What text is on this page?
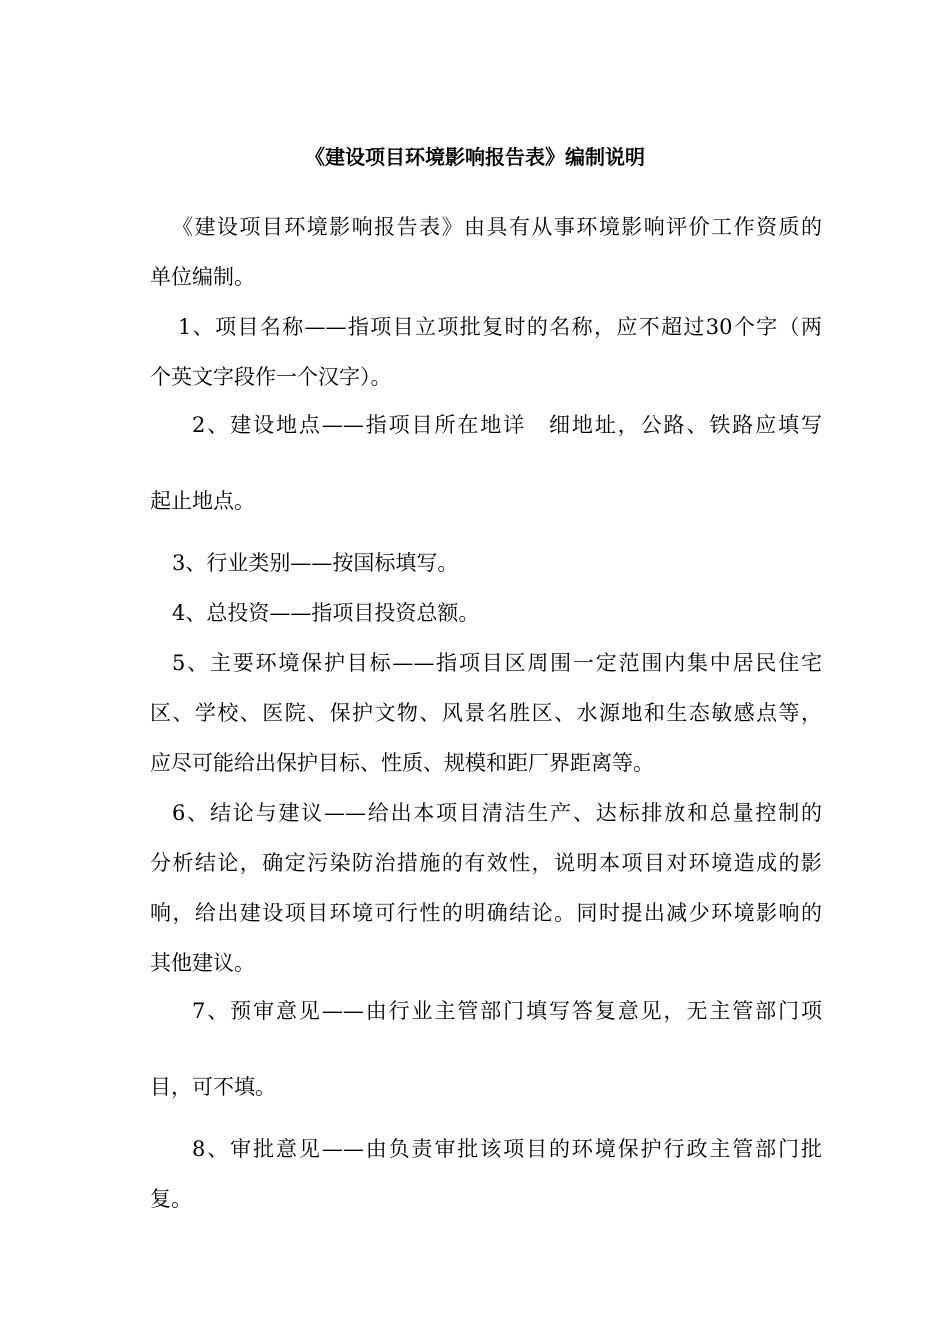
《建设项目环境影响报告表》编制说明
《建设项目环境影响报告表》由具有从事环境影响评价工作资质的
单位编制。
1、项目名称——指项目立项批复时的名称，应不超过30个字（两
个英文字段作一个汉字）。
2、建设地点——指项目所在地详　细地址，公路、铁路应填写
起止地点。
3、行业类别——按国标填写。
4、总投资——指项目投资总额。
5、主要环境保护目标——指项目区周围一定范围内集中居民住宅
区、学校、医院、保护文物、风景名胜区、水源地和生态敏感点等，
应尽可能给出保护目标、性质、规模和距厂界距离等。
6、结论与建议——给出本项目清洁生产、达标排放和总量控制的
分析结论，确定污染防治措施的有效性，说明本项目对环境造成的影
响，给出建设项目环境可行性的明确结论。同时提出减少环境影响的
其他建议。
7、预审意见——由行业主管部门填写答复意见，无主管部门项
目，可不填。
8、审批意见——由负责审批该项目的环境保护行政主管部门批
复。
